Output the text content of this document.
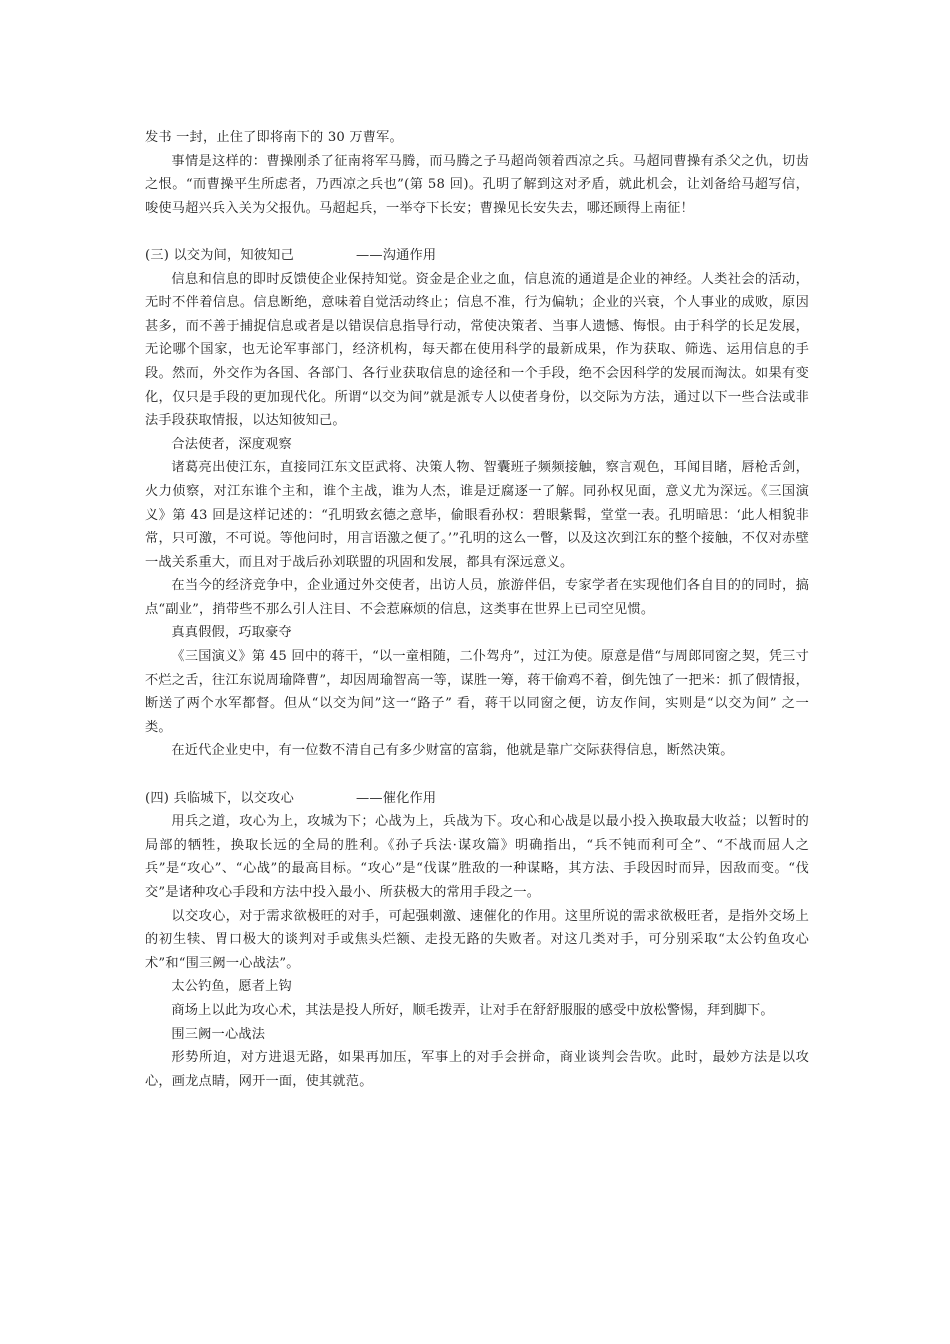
发书 一封，止住了即将南下的 30 万曹军。

事情是这样的：曹操刚杀了征南将军马腾，而马腾之子马超尚领着西凉之兵。马超同曹操有杀父之仇，切齿之恨。“而曹操平生所虑者，乃西凉之兵也”(第 58 回)。孔明了解到这对矛盾，就此机会，让刘备给马超写信，唆使马超兴兵入关为父报仇。马超起兵，一举夺下长安；曹操见长安失去，哪还顾得上南征！

(三) 以交为间，知彼知己	——沟通作用

信息和信息的即时反馈使企业保持知觉。资金是企业之血，信息流的通道是企业的神经。人类社会的活动，无时不伴着信息。信息断绝，意味着自觉活动终止；信息不准，行为偏轨；企业的兴衰，个人事业的成败，原因甚多，而不善于捕捉信息或者是以错误信息指导行动，常使决策者、当事人遗憾、悔恨。由于科学的长足发展，无论哪个国家，也无论军事部门，经济机构，每天都在使用科学的最新成果，作为获取、筛选、运用信息的手段。然而，外交作为各国、各部门、各行业获取信息的途径和一个手段，绝不会因科学的发展而淘汰。如果有变化，仅只是手段的更加现代化。所谓“以交为间”就是派专人以使者身份，以交际为方法，通过以下一些合法或非法手段获取情报，以达知彼知己。

合法使者，深度观察

诸葛亮出使江东，直接同江东文臣武将、决策人物、智囊班子频频接触，察言观色，耳闻目睹，唇枪舌剑，火力侦察，对江东谁个主和，谁个主战，谁为人杰，谁是迂腐逐一了解。同孙权见面，意义尤为深远。《三国演义》第 43 回是这样记述的：“孔明致玄德之意毕，偷眼看孙权：碧眼紫髯，堂堂一表。孔明暗思：‘此人相貌非常，只可激，不可说。等他问时，用言语激之便了。’”孔明的这么一瞥，以及这次到江东的整个接触，不仅对赤壁一战关系重大，而且对于战后孙刘联盟的巩固和发展，都具有深远意义。

在当今的经济竞争中，企业通过外交使者，出访人员，旅游伴侣，专家学者在实现他们各自目的的同时，搞点“副业”，捎带些不那么引人注目、不会惹麻烦的信息，这类事在世界上已司空见惯。

真真假假，巧取豪夺

《三国演义》第 45 回中的蒋干，“以一童相随，二仆驾舟”，过江为使。原意是借“与周郎同窗之契，凭三寸不烂之舌，往江东说周瑜降曹”，却因周瑜智高一等，谋胜一筹，蒋干偷鸡不着，倒先蚀了一把米：抓了假情报，断送了两个水军都督。但从“以交为间”这一“路子” 看，蒋干以同窗之便，访友作间，实则是“以交为间” 之一类。

在近代企业史中，有一位数不清自己有多少财富的富翁，他就是靠广交际获得信息，断然决策。

(四) 兵临城下，以交攻心	——催化作用

用兵之道，攻心为上，攻城为下；心战为上，兵战为下。攻心和心战是以最小投入换取最大收益；以暂时的局部的牺牲，换取长远的全局的胜利。《孙子兵法·谋攻篇》明确指出，“兵不钝而利可全”、“不战而屈人之兵”是“攻心”、“心战”的最高目标。“攻心”是“伐谋”胜敌的一种谋略，其方法、手段因时而异，因敌而变。“伐交”是诸种攻心手段和方法中投入最小、所获极大的常用手段之一。

以交攻心，对于需求欲极旺的对手，可起强刺激、速催化的作用。这里所说的需求欲极旺者，是指外交场上的初生犊、胃口极大的谈判对手或焦头烂额、走投无路的失败者。对这几类对手，可分别采取“太公钓鱼攻心术”和“围三阙一心战法”。

太公钓鱼，愿者上钩

商场上以此为攻心术，其法是投人所好，顺毛拨弄，让对手在舒舒服服的感受中放松警惕，拜到脚下。

围三阙一心战法

形势所迫，对方进退无路，如果再加压，军事上的对手会拼命，商业谈判会告吹。此时，最妙方法是以攻心，画龙点睛，网开一面，使其就范。
